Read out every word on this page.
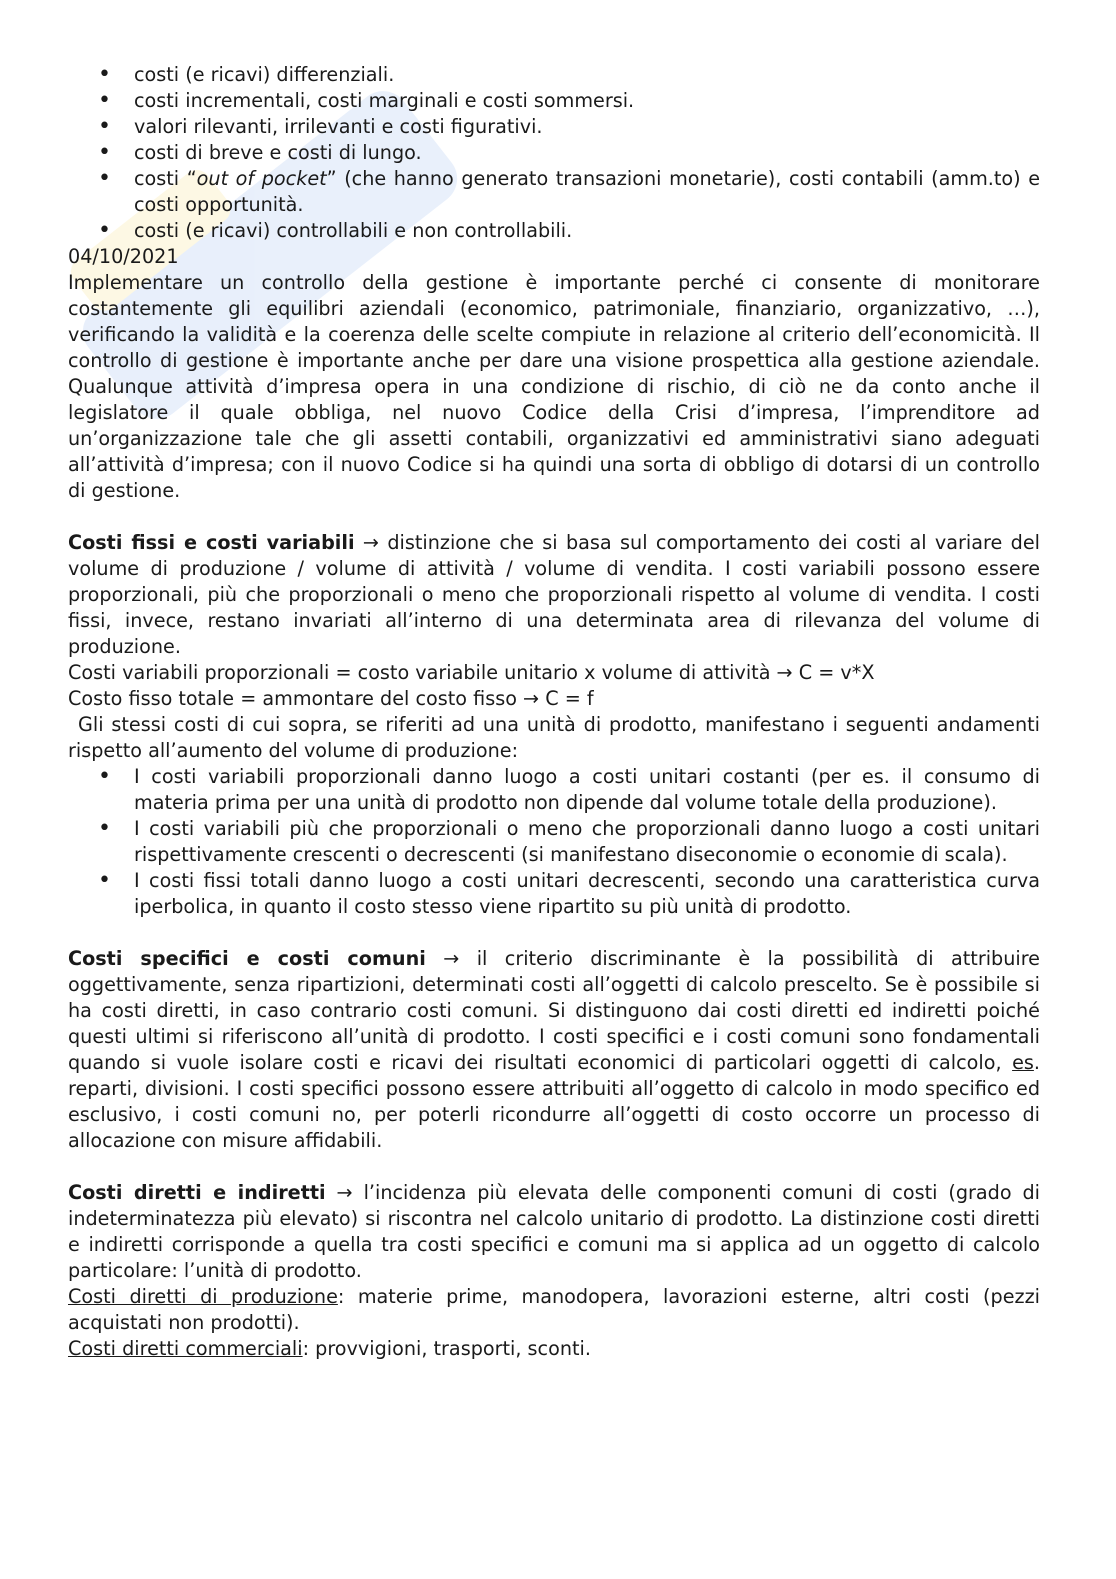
• costi (e ricavi) differenziali.
• costi incrementali, costi marginali e costi sommersi.
• valori rilevanti, irrilevanti e costi figurativi.
• costi di breve e costi di lungo.
• costi “out of pocket” (che hanno generato transazioni monetarie), costi contabili (amm.to) e costi opportunità.
• costi (e ricavi) controllabili e non controllabili.

04/10/2021

Implementare un controllo della gestione è importante perché ci consente di monitorare costantemente gli equilibri aziendali (economico, patrimoniale, finanziario, organizzativo, …), verificando la validità e la coerenza delle scelte compiute in relazione al criterio dell’economicità. Il controllo di gestione è importante anche per dare una visione prospettica alla gestione aziendale. Qualunque attività d’impresa opera in una condizione di rischio, di ciò ne da conto anche il legislatore il quale obbliga, nel nuovo Codice della Crisi d’impresa, l’imprenditore ad un’organizzazione tale che gli assetti contabili, organizzativi ed amministrativi siano adeguati all’attività d’impresa; con il nuovo Codice si ha quindi una sorta di obbligo di dotarsi di un controllo di gestione.

Costi fissi e costi variabili → distinzione che si basa sul comportamento dei costi al variare del volume di produzione / volume di attività / volume di vendita. I costi variabili possono essere proporzionali, più che proporzionali o meno che proporzionali rispetto al volume di vendita. I costi fissi, invece, restano invariati all’interno di una determinata area di rilevanza del volume di produzione.

Costi variabili proporzionali = costo variabile unitario x volume di attività → C = v*X

Costo fisso totale = ammontare del costo fisso → C = f

Gli stessi costi di cui sopra, se riferiti ad una unità di prodotto, manifestano i seguenti andamenti rispetto all’aumento del volume di produzione:

• I costi variabili proporzionali danno luogo a costi unitari costanti (per es. il consumo di materia prima per una unità di prodotto non dipende dal volume totale della produzione).
• I costi variabili più che proporzionali o meno che proporzionali danno luogo a costi unitari rispettivamente crescenti o decrescenti (si manifestano diseconomie o economie di scala).
• I costi fissi totali danno luogo a costi unitari decrescenti, secondo una caratteristica curva iperbolica, in quanto il costo stesso viene ripartito su più unità di prodotto.

Costi specifici e costi comuni → il criterio discriminante è la possibilità di attribuire oggettivamente, senza ripartizioni, determinati costi all’oggetti di calcolo prescelto. Se è possibile si ha costi diretti, in caso contrario costi comuni. Si distinguono dai costi diretti ed indiretti poiché questi ultimi si riferiscono all’unità di prodotto. I costi specifici e i costi comuni sono fondamentali quando si vuole isolare costi e ricavi dei risultati economici di particolari oggetti di calcolo, es. reparti, divisioni. I costi specifici possono essere attribuiti all’oggetto di calcolo in modo specifico ed esclusivo, i costi comuni no, per poterli ricondurre all’oggetti di costo occorre un processo di allocazione con misure affidabili.

Costi diretti e indiretti → l’incidenza più elevata delle componenti comuni di costi (grado di indeterminatezza più elevato) si riscontra nel calcolo unitario di prodotto. La distinzione costi diretti e indiretti corrisponde a quella tra costi specifici e comuni ma si applica ad un oggetto di calcolo particolare: l’unità di prodotto.

Costi diretti di produzione: materie prime, manodopera, lavorazioni esterne, altri costi (pezzi acquistati non prodotti).

Costi diretti commerciali: provvigioni, trasporti, sconti.
